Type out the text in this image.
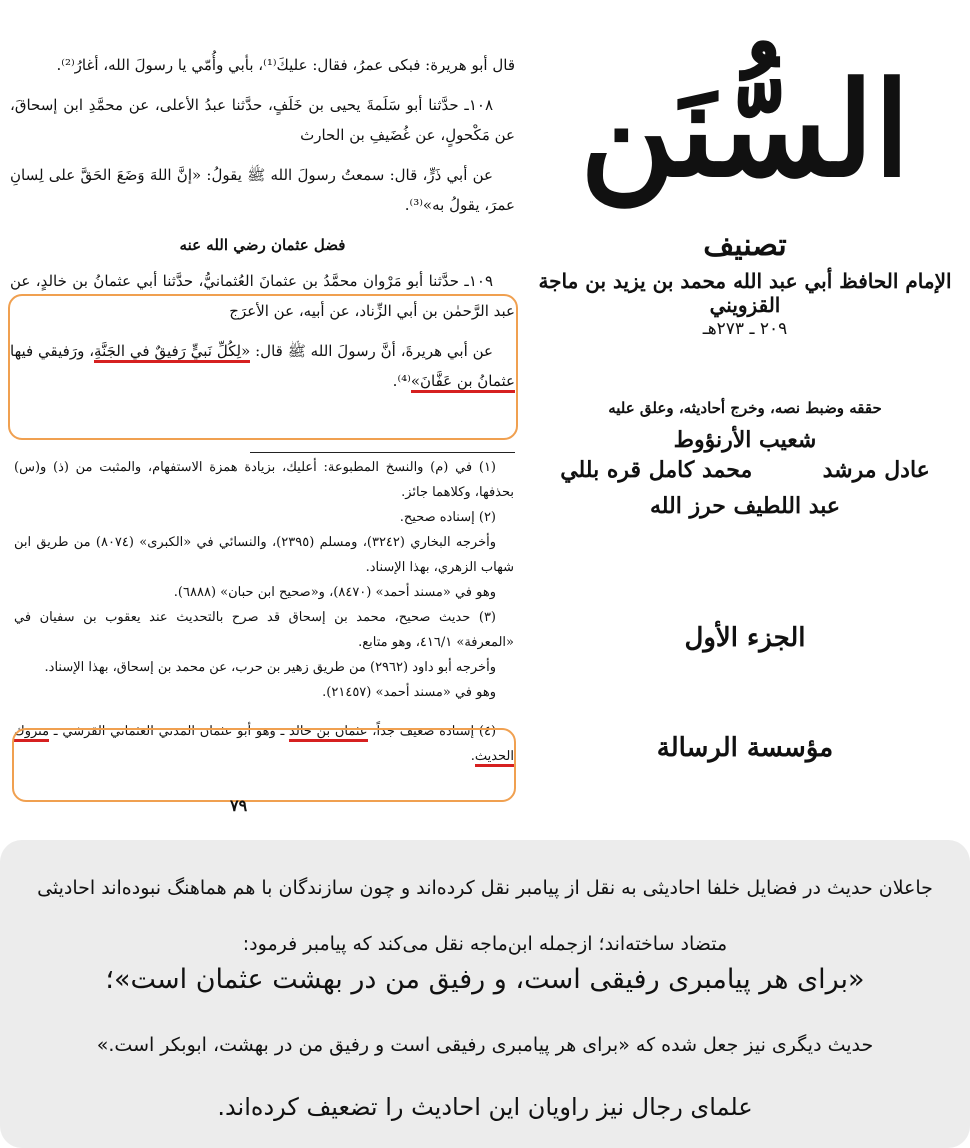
قال أبو هريرة: فبكى عمرُ، فقال: عليكَ⁽¹⁾، بأبي وأُمّي يا رسولَ الله، أغارُ⁽²⁾.

١٠٨ـ حدَّثنا أبو سَلَمةَ يحيى بن خَلَفٍ، حدَّثنا عبدُ الأعلى، عن محمَّدِ ابن إسحاقَ، عن مَكْحولٍ، عن غُضَيفِ بن الحارث

عن أبي ذَرٍّ، قال: سمعتُ رسولَ الله ﷺ يقولُ: «إنَّ اللهَ وَضَعَ الحَقَّ على لِسانِ عمرَ، يقولُ به»⁽³⁾.

فضل عثمان رضي الله عنه

١٠٩ـ حدَّثنا أبو مَرْوان محمَّدُ بن عثمانَ العُثمانيُّ، حدَّثنا أبي عثمانُ بن خالدٍ، عن عبد الرَّحمٰن بن أبي الزِّناد، عن أبيه، عن الأعرَج

عن أبي هريرةَ، أنَّ رسولَ الله ﷺ قال: «لِكُلِّ نَبيٍّ رَفيقٌ في الجَنَّةِ، ورَفيقي فيها عثمانُ بن عَفَّانَ»⁽⁴⁾.

(١) في (م) والنسخ المطبوعة: أعليك، بزيادة همزة الاستفهام، والمثبت من (ذ) و(س) بحذفها، وكلاهما جائز.

(٢) إسناده صحيح.

وأخرجه البخاري (٣٢٤٢)، ومسلم (٢٣٩٥)، والنسائي في «الكبرى» (٨٠٧٤) من طريق ابن شهاب الزهري، بهذا الإسناد.

وهو في «مسند أحمد» (٨٤٧٠)، و«صحيح ابن حبان» (٦٨٨٨).

(٣) حديث صحيح، محمد بن إسحاق قد صرح بالتحديث عند يعقوب بن سفيان في «المعرفة» ٤١٦/١، وهو متابع.

وأخرجه أبو داود (٢٩٦٢) من طريق زهير بن حرب، عن محمد بن إسحاق، بهذا الإسناد.

وهو في «مسند أحمد» (٢١٤٥٧).

(٤) إسناده ضعيف جداً، عثمان بن خالد ـ وهو أبو عثمان المدني العثماني القرشي ـ متروك الحديث.

٧٩
السُّنَن
تصنيف
الإمام الحافظ أبي عبد الله محمد بن يزيد بن ماجة القزويني
٢٠٩ ـ ٢٧٣هـ
حققه وضبط نصه، وخرج أحاديثه، وعلق عليه
شعيب الأرنؤوط
عادل مرشد
محمد كامل قره بللي
عبد اللطيف حرز الله
الجزء الأول
مؤسسة الرسالة
جاعلان حدیث در فضایل خلفا احادیثی به نقل از پیامبر نقل کرده‌اند و چون سازندگان با هم هماهنگ نبوده‌اند احادیثی متضاد ساخته‌اند؛ ازجمله ابن‌ماجه نقل می‌کند که پیامبر فرمود:
«برای هر پیامبری رفیقی است، و رفیق من در بهشت عثمان است»؛
حدیث دیگری نیز جعل شده که «برای هر پیامبری رفیقی است و رفیق من در بهشت، ابوبکر است.»
علمای رجال نیز راویان این احادیث را تضعیف کرده‌اند.
